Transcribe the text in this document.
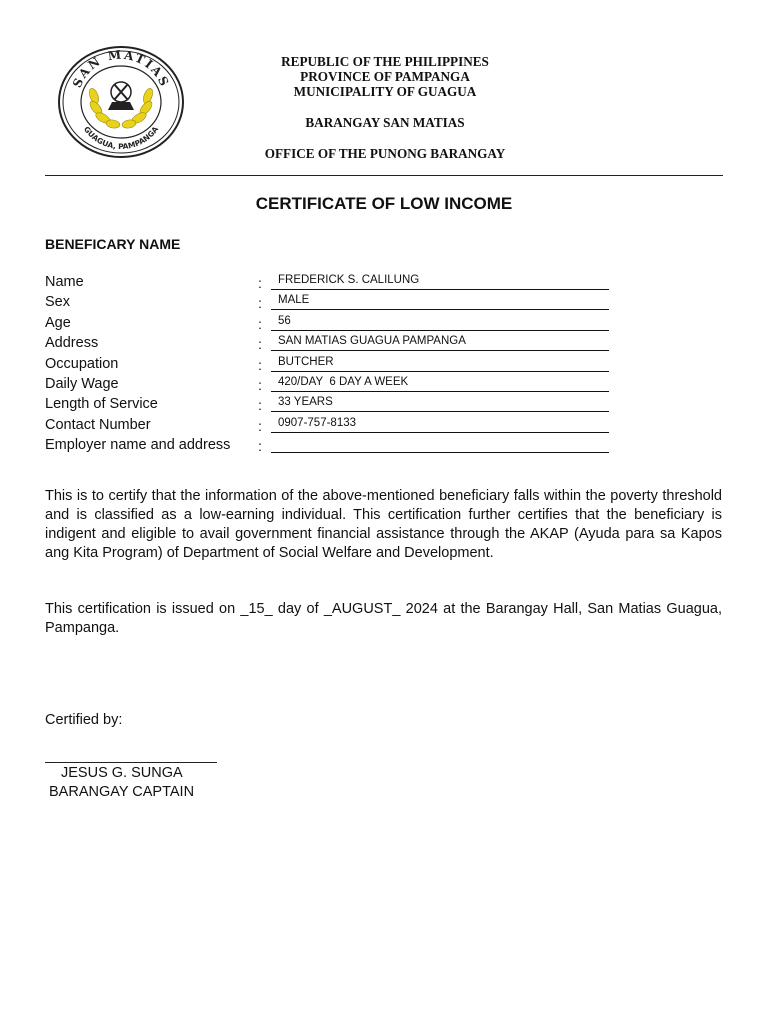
SAN MATIAS
GUAGUA, PAMPANGA
REPUBLIC OF THE PHILIPPINES
PROVINCE OF PAMPANGA
MUNICIPALITY OF GUAGUA
BARANGAY SAN MATIAS
OFFICE OF THE PUNONG BARANGAY
CERTIFICATE OF LOW INCOME
BENEFICARY NAME
Name	:	FREDERICK S. CALILUNG
Sex	:	MALE
Age	:	56
Address	:	SAN MATIAS GUAGUA PAMPANGA
Occupation	:	BUTCHER
Daily Wage	:	420/DAY  6 DAY A WEEK
Length of Service	:	33 YEARS
Contact Number	:	0907-757-8133
Employer name and address :
This is to certify that the information of the above-mentioned beneficiary falls within the poverty threshold and is classified as a low-earning individual. This certification further certifies that the beneficiary is indigent and eligible to avail government financial assistance through the AKAP (Ayuda para sa Kapos ang Kita Program) of Department of Social Welfare and Development.
This certification is issued on _15_ day of _AUGUST_ 2024 at the Barangay Hall, San Matias Guagua, Pampanga.
Certified by:
JESUS G. SUNGA
BARANGAY CAPTAIN
